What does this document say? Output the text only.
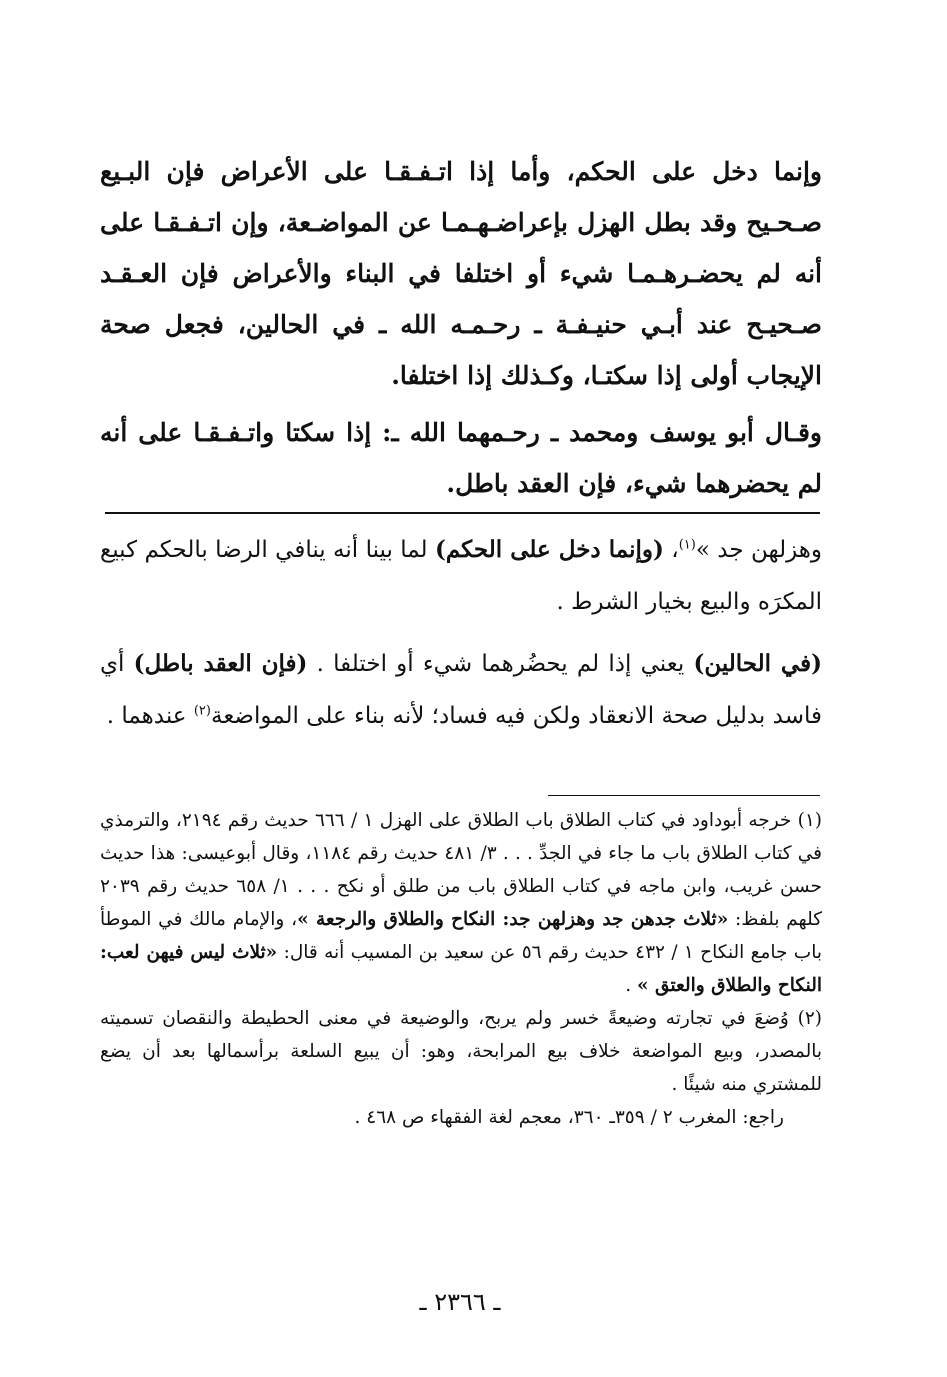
وإنما دخل على الحكم، وأما إذا اتـفـقـا على الأعراض فإن البـيع صـحـيح وقد بطل الهزل بإعراضـهـمـا عن المواضـعة، وإن اتـفـقـا على أنه لم يحضـرهـمـا شيء أو اختلفا في البناء والأعراض فإن العـقـد صـحيـح عند أبـي حنيـفـة ـ رحـمـه الله ـ في الحالين، فجعل صحة الإيجاب أولى إذا سكتـا، وكـذلك إذا اختلفا.

وقـال أبو يوسف ومحمد ـ رحـمهما الله ـ: إذا سكتا واتـفـقـا على أنه لم يحضرهما شيء، فإن العقد باطل.

وهزلهن جد »$^{(١)}$، (وإنما دخل على الحكم) لما بينا أنه ينافي الرضا بالحكم كبيع المكرَه والبيع بخيار الشرط .

(في الحالين) يعني إذا لم يحضُرهما شيء أو اختلفا . (فإن العقد باطل) أي فاسد بدليل صحة الانعقاد ولكن فيه فساد؛ لأنه بناء على المواضعة$^{(٢)}$ عندهما .

(١) خرجه أبوداود في كتاب الطلاق باب الطلاق على الهزل ١ / ٦٦٦ حديث رقم ٢١٩٤، والترمذي في كتاب الطلاق باب ما جاء في الجدِّ . . . ٣/ ٤٨١ حديث رقم ١١٨٤، وقال أبوعيسى: هذا حديث حسن غريب، وابن ماجه في كتاب الطلاق باب من طلق أو نكح . . . ١/ ٦٥٨ حديث رقم ٢٠٣٩ كلهم بلفظ: «ثلاث جدهن جد وهزلهن جد: النكاح والطلاق والرجعة »، والإمام مالك في الموطأ باب جامع النكاح ١ / ٤٣٢ حديث رقم ٥٦ عن سعيد بن المسيب أنه قال: «ثلاث ليس فيهن لعب: النكاح والطلاق والعتق » .

(٢) وُضعَ في تجارته وضيعةً خسر ولم يربح، والوضيعة في معنى الحطيطة والنقصان تسميته بالمصدر، وبيع المواضعة خلاف بيع المرابحة، وهو: أن يبيع السلعة برأسمالها بعد أن يضع للمشتري منه شيئًا .

راجع: المغرب ٢ / ٣٥٩ـ ٣٦٠، معجم لغة الفقهاء ص ٤٦٨ .

ـ ٢٣٦٦ ـ
